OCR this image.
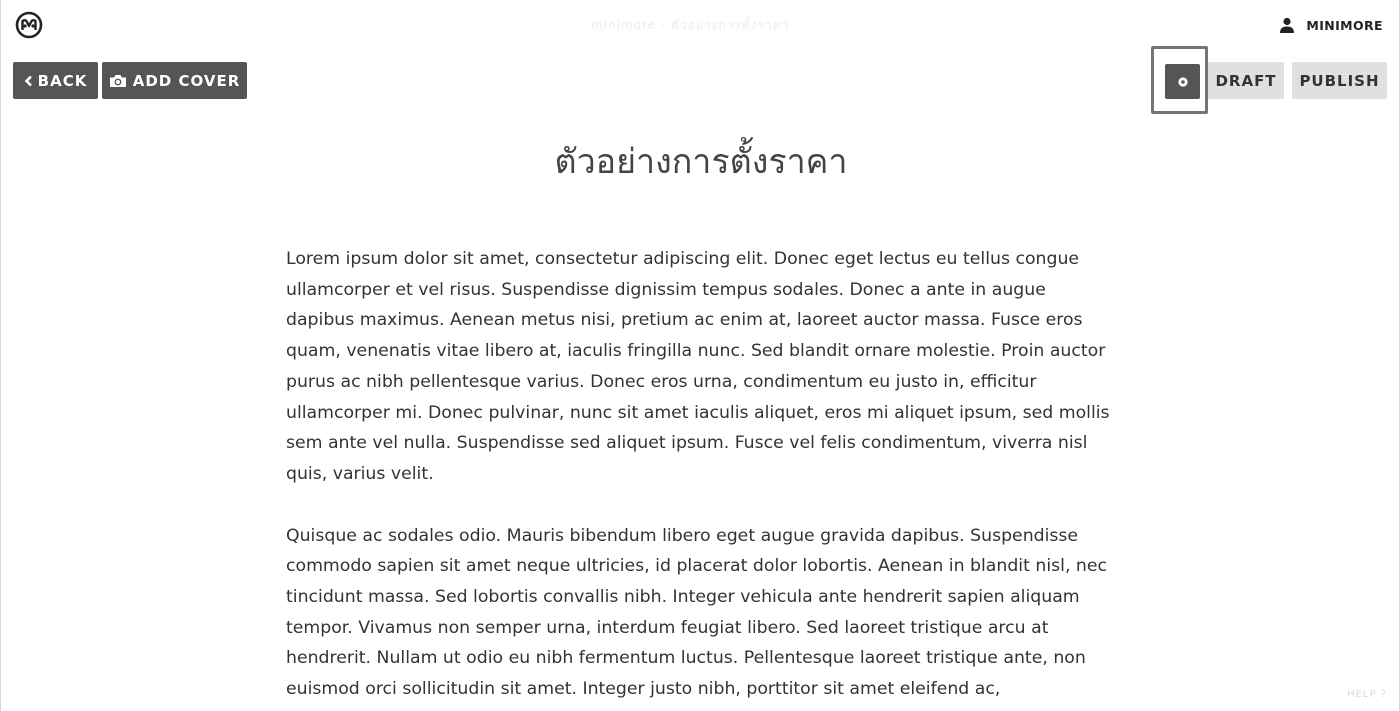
minimore - ตัวอย่างการตั้งราคา	MINIMORE
BACK	ADD COVER	DRAFT	PUBLISH
ตัวอย่างการตั้งราคา

Lorem ipsum dolor sit amet, consectetur adipiscing elit. Donec eget lectus eu tellus congue ullamcorper et vel risus. Suspendisse dignissim tempus sodales. Donec a ante in augue dapibus maximus. Aenean metus nisi, pretium ac enim at, laoreet auctor massa. Fusce eros quam, venenatis vitae libero at, iaculis fringilla nunc. Sed blandit ornare molestie. Proin auctor purus ac nibh pellentesque varius. Donec eros urna, condimentum eu justo in, efficitur ullamcorper mi. Donec pulvinar, nunc sit amet iaculis aliquet, eros mi aliquet ipsum, sed mollis sem ante vel nulla. Suspendisse sed aliquet ipsum. Fusce vel felis condimentum, viverra nisl quis, varius velit.

Quisque ac sodales odio. Mauris bibendum libero eget augue gravida dapibus. Suspendisse commodo sapien sit amet neque ultricies, id placerat dolor lobortis. Aenean in blandit nisl, nec tincidunt massa. Sed lobortis convallis nibh. Integer vehicula ante hendrerit sapien aliquam tempor. Vivamus non semper urna, interdum feugiat libero. Sed laoreet tristique arcu at hendrerit. Nullam ut odio eu nibh fermentum luctus. Pellentesque laoreet tristique ante, non euismod orci sollicitudin sit amet. Integer justo nibh, porttitor sit amet eleifend ac,	HELP ?
